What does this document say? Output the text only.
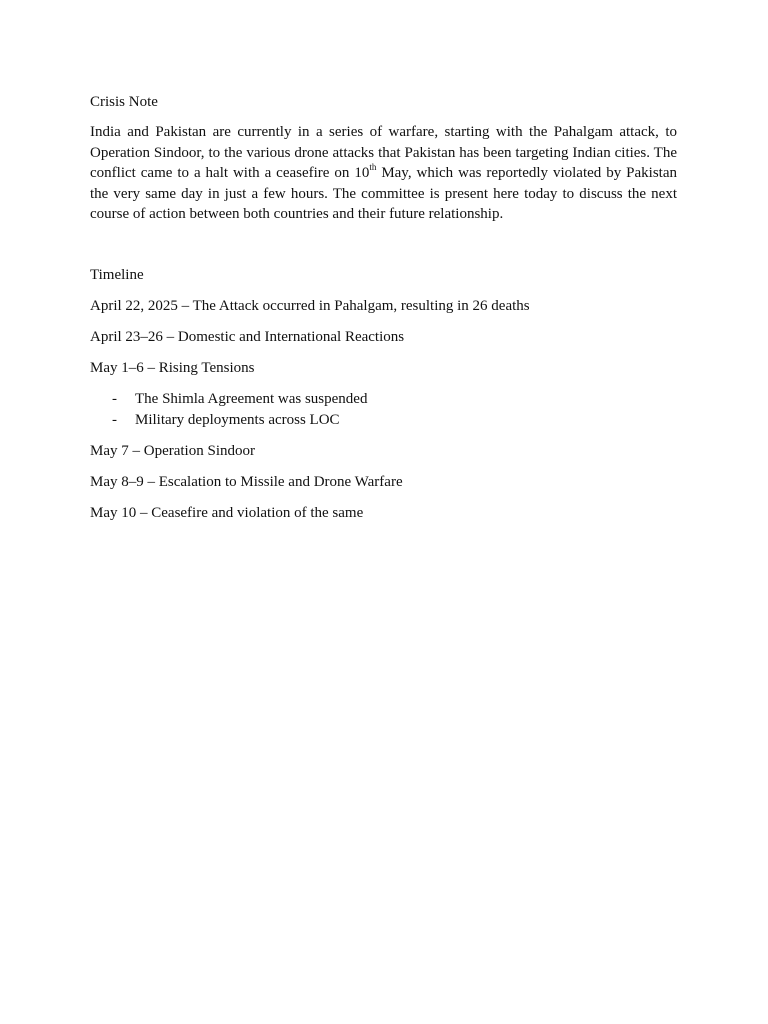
Crisis Note

India and Pakistan are currently in a series of warfare, starting with the Pahalgam attack, to Operation Sindoor, to the various drone attacks that Pakistan has been targeting Indian cities. The conflict came to a halt with a ceasefire on 10th May, which was reportedly violated by Pakistan the very same day in just a few hours. The committee is present here today to discuss the next course of action between both countries and their future relationship.

Timeline

April 22, 2025 – The Attack occurred in Pahalgam, resulting in 26 deaths

April 23–26 – Domestic and International Reactions

May 1–6 – Rising Tensions

- The Shimla Agreement was suspended
- Military deployments across LOC

May 7 – Operation Sindoor

May 8–9 – Escalation to Missile and Drone Warfare

May 10 – Ceasefire and violation of the same
